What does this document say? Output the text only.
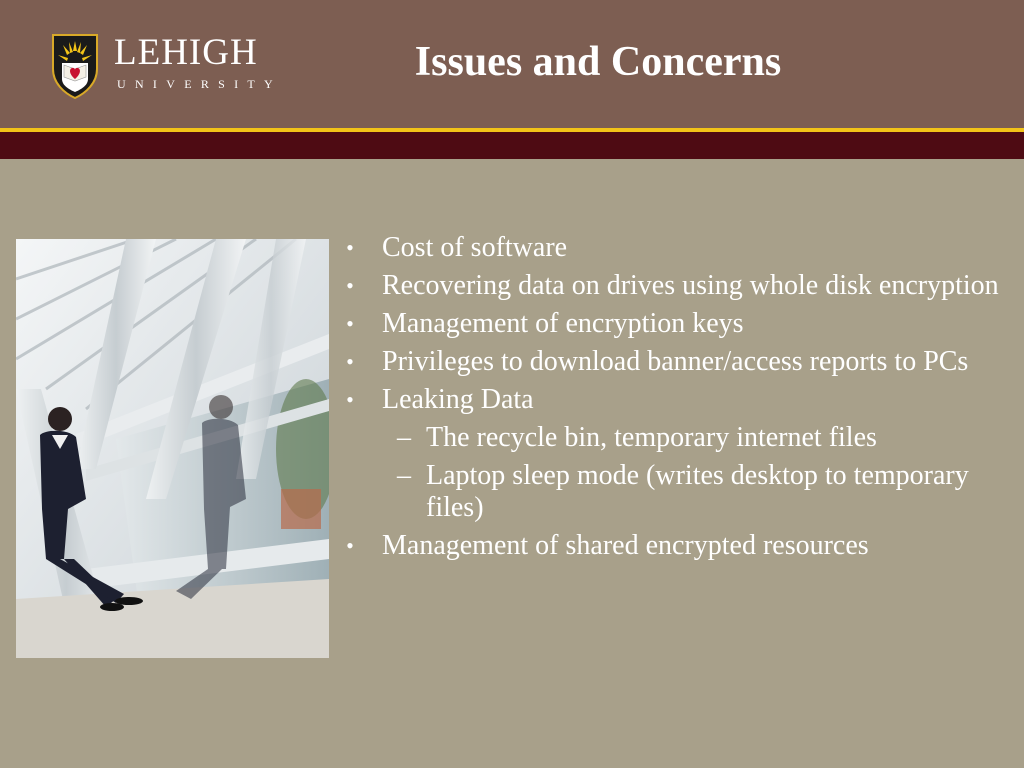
LEHIGH
UNIVERSITY	Issues and Concerns
• Cost of software
• Recovering data on drives using whole disk encryption
• Management of encryption keys
• Privileges to download banner/access reports to PCs
• Leaking Data
– The recycle bin, temporary internet files
– Laptop sleep mode (writes desktop to temporary files)
• Management of shared encrypted resources
